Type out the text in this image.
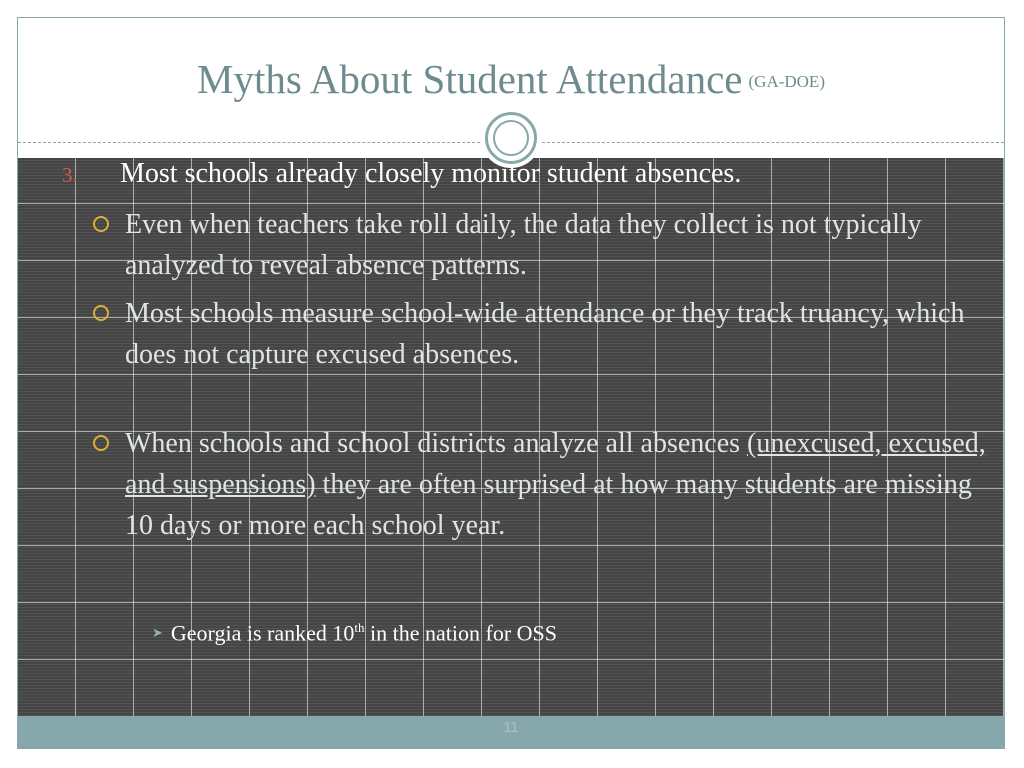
Myths About Student Attendance $^{(GA-DOE)}$
3. Most schools already closely monitor student absences.
Even when teachers take roll daily, the data they collect is not typically analyzed to reveal absence patterns.
Most schools measure school-wide attendance or they track truancy, which does not capture excused absences.
When schools and school districts analyze all absences (unexcused, excused, and suspensions) they are often surprised at how many students are missing 10 days or more each school year.
➤ Georgia is ranked 10th in the nation for OSS
11
